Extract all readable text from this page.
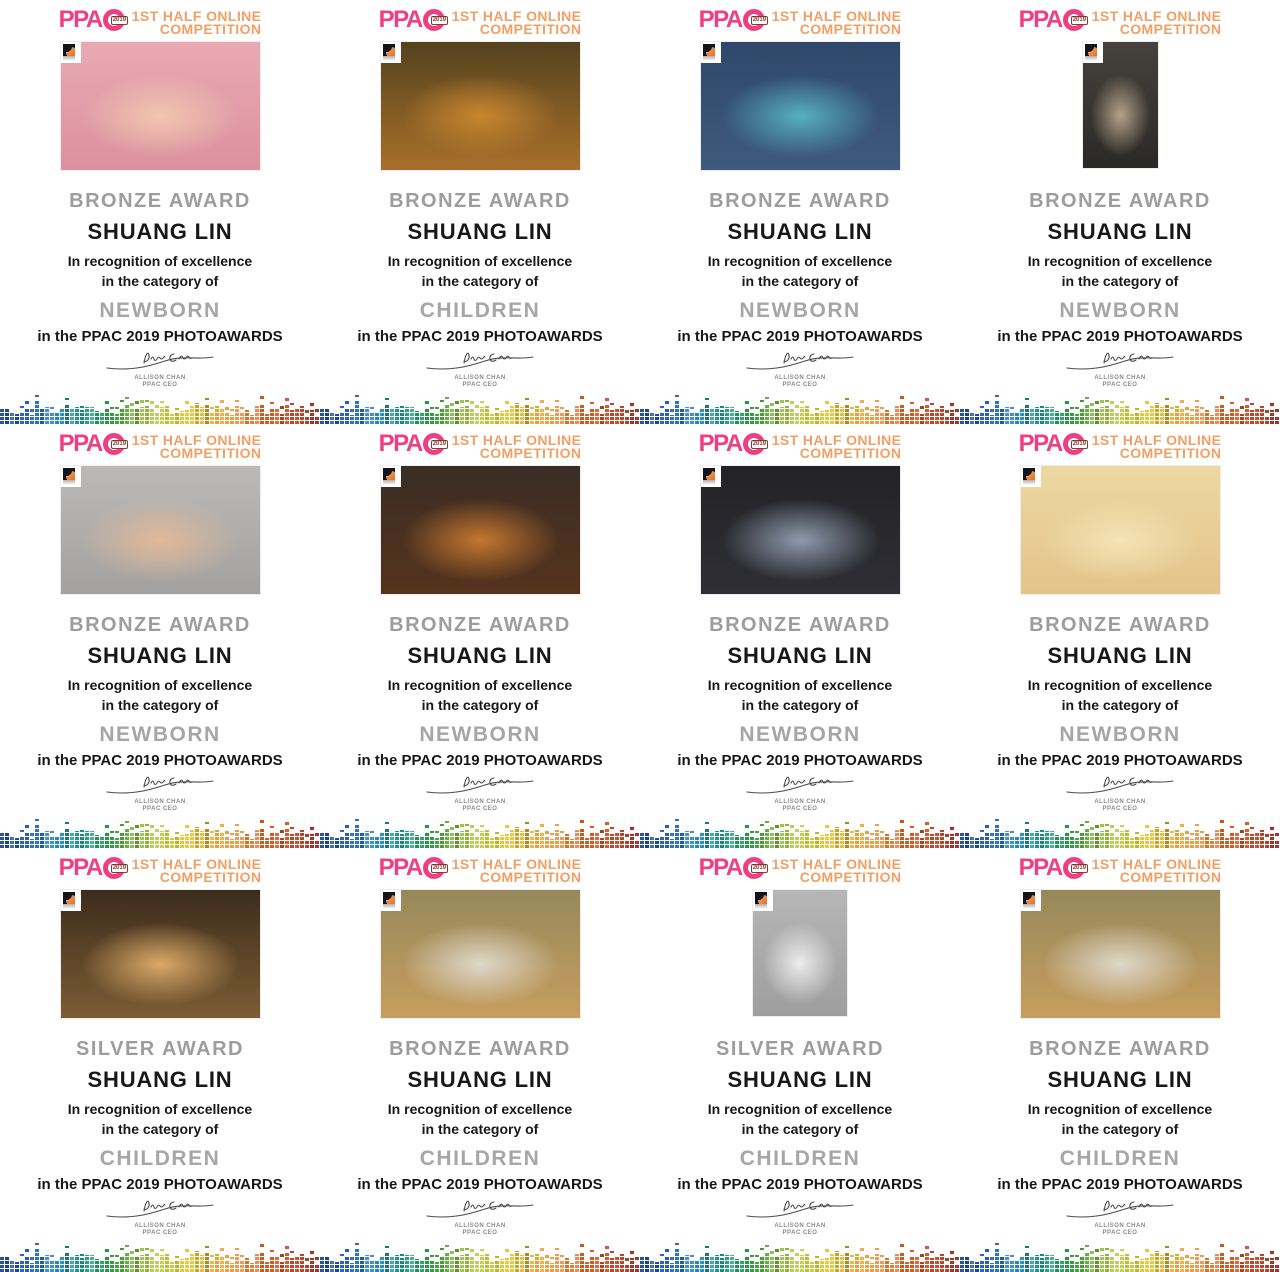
PPA	2019 1ST HALF ONLINE
COMPETITION
BRONZE AWARD
SHUANG LIN
In recognition of excellence
in the category of
NEWBORN
in the PPAC 2019 PHOTOAWARDS
ALLISON CHAN
PPAC CEO
PPA	2019 1ST HALF ONLINE
COMPETITION
BRONZE AWARD
SHUANG LIN
In recognition of excellence
in the category of
CHILDREN
in the PPAC 2019 PHOTOAWARDS
ALLISON CHAN
PPAC CEO
PPA	2019 1ST HALF ONLINE
COMPETITION
BRONZE AWARD
SHUANG LIN
In recognition of excellence
in the category of
NEWBORN
in the PPAC 2019 PHOTOAWARDS
ALLISON CHAN
PPAC CEO
PPA	2019 1ST HALF ONLINE
COMPETITION
BRONZE AWARD
SHUANG LIN
In recognition of excellence
in the category of
NEWBORN
in the PPAC 2019 PHOTOAWARDS
ALLISON CHAN
PPAC CEO
PPA	2019 1ST HALF ONLINE
COMPETITION
BRONZE AWARD
SHUANG LIN
In recognition of excellence
in the category of
NEWBORN
in the PPAC 2019 PHOTOAWARDS
ALLISON CHAN
PPAC CEO
PPA	2019 1ST HALF ONLINE
COMPETITION
BRONZE AWARD
SHUANG LIN
In recognition of excellence
in the category of
NEWBORN
in the PPAC 2019 PHOTOAWARDS
ALLISON CHAN
PPAC CEO
PPA	2019 1ST HALF ONLINE
COMPETITION
BRONZE AWARD
SHUANG LIN
In recognition of excellence
in the category of
NEWBORN
in the PPAC 2019 PHOTOAWARDS
ALLISON CHAN
PPAC CEO
PPA	2019 1ST HALF ONLINE
COMPETITION
BRONZE AWARD
SHUANG LIN
In recognition of excellence
in the category of
NEWBORN
in the PPAC 2019 PHOTOAWARDS
ALLISON CHAN
PPAC CEO
PPA	2019 1ST HALF ONLINE
COMPETITION
SILVER AWARD
SHUANG LIN
In recognition of excellence
in the category of
CHILDREN
in the PPAC 2019 PHOTOAWARDS
ALLISON CHAN
PPAC CEO
PPA	2019 1ST HALF ONLINE
COMPETITION
BRONZE AWARD
SHUANG LIN
In recognition of excellence
in the category of
CHILDREN
in the PPAC 2019 PHOTOAWARDS
ALLISON CHAN
PPAC CEO
PPA	2019 1ST HALF ONLINE
COMPETITION
SILVER AWARD
SHUANG LIN
In recognition of excellence
in the category of
CHILDREN
in the PPAC 2019 PHOTOAWARDS
ALLISON CHAN
PPAC CEO
PPA	2019 1ST HALF ONLINE
COMPETITION
BRONZE AWARD
SHUANG LIN
In recognition of excellence
in the category of
CHILDREN
in the PPAC 2019 PHOTOAWARDS
ALLISON CHAN
PPAC CEO
